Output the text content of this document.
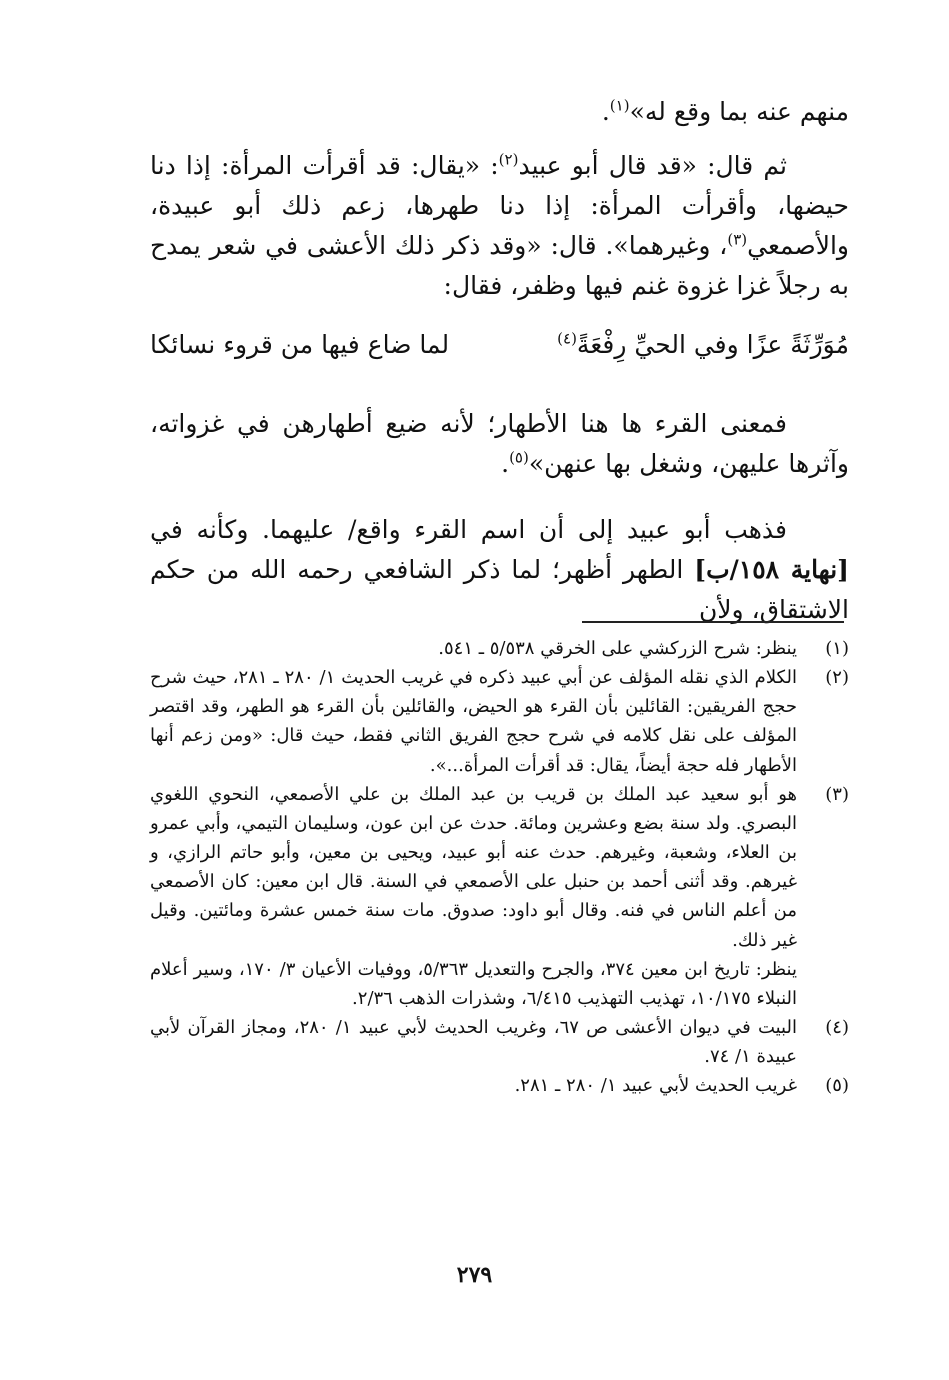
منهم عنه بما وقع له»$^{(١)}$.

ثم قال: «قد قال أبو عبيد$^{(٢)}$: «يقال: قد أقرأت المرأة: إذا دنا حيضها، وأقرأت المرأة: إذا دنا طهرها، زعم ذلك أبو عبيدة، والأصمعي$^{(٣)}$، وغيرهما». قال: «وقد ذكر ذلك الأعشى في شعر يمدح به رجلاً غزا غزوة غنم فيها وظفر، فقال:

مُوَرِّثَةً عزًا وفي الحيِّ رِفْعَةً$^{(٤)}$
لما ضاع فيها من قروء نسائكا

فمعنى القرء ها هنا الأطهار؛ لأنه ضيع أطهارهن في غزواته، وآثرها عليهن، وشغل بها عنهن»$^{(٥)}$.

فذهب أبو عبيد إلى أن اسم القرء واقع/ عليهما. وكأنه في [نهاية ١٥٨/ب] الطهر أظهر؛ لما ذكر الشافعي رحمه الله من حكم الاشتقاق، ولأن

(١)
ينظر: شرح الزركشي على الخرقي ٥/٥٣٨ ـ ٥٤١.
(٢)
الكلام الذي نقله المؤلف عن أبي عبيد ذكره في غريب الحديث ١/ ٢٨٠ ـ ٢٨١، حيث شرح حجج الفريقين: القائلين بأن القرء هو الحيض، والقائلين بأن القرء هو الطهر، وقد اقتصر المؤلف على نقل كلامه في شرح حجج الفريق الثاني فقط، حيث قال: «ومن زعم أنها الأطهار فله حجة أيضاً، يقال: قد أقرأت المرأة...».
(٣)
هو أبو سعيد عبد الملك بن قريب بن عبد الملك بن علي الأصمعي، النحوي اللغوي البصري. ولد سنة بضع وعشرين ومائة. حدث عن ابن عون، وسليمان التيمي، وأبي عمرو بن العلاء، وشعبة، وغيرهم. حدث عنه أبو عبيد، ويحيى بن معين، وأبو حاتم الرازي، و غيرهم. وقد أثنى أحمد بن حنبل على الأصمعي في السنة. قال ابن معين: كان الأصمعي من أعلم الناس في فنه. وقال أبو داود: صدوق. مات سنة خمس عشرة ومائتين. وقيل غير ذلك.
ينظر: تاريخ ابن معين ٣٧٤، والجرح والتعديل ٥/٣٦٣، ووفيات الأعيان ٣/ ١٧٠، وسير أعلام النبلاء ١٠/١٧٥، تهذيب التهذيب ٦/٤١٥، وشذرات الذهب ٢/٣٦.
(٤)
البيت في ديوان الأعشى ص ٦٧، وغريب الحديث لأبي عبيد ١/ ٢٨٠، ومجاز القرآن لأبي عبيدة ١/ ٧٤.
(٥)
غريب الحديث لأبي عبيد ١/ ٢٨٠ ـ ٢٨١.
٢٧٩
